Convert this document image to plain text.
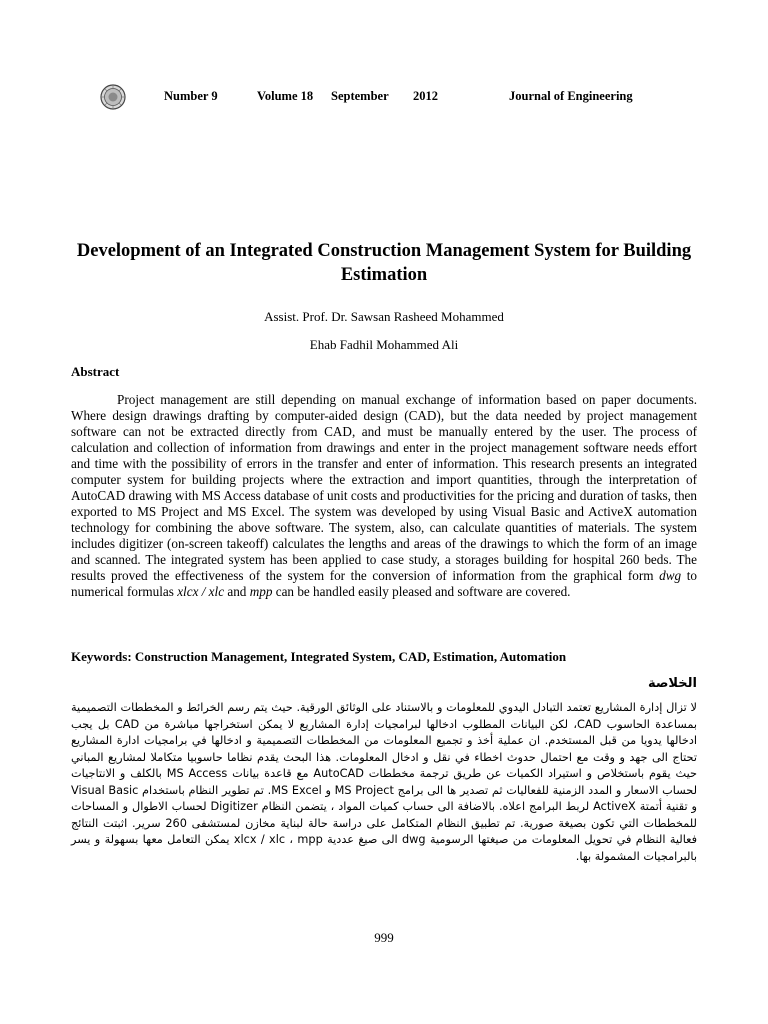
Number 9	Volume 18 September 2012	Journal of Engineering
Development of an Integrated Construction Management System for Building Estimation
Assist. Prof. Dr. Sawsan Rasheed Mohammed
Ehab Fadhil Mohammed Ali
Abstract
Project management are still depending on manual exchange of information based on paper documents. Where design drawings drafting by computer-aided design (CAD), but the data needed by project management software can not be extracted directly from CAD, and must be manually entered by the user. The process of calculation and collection of information from drawings and enter in the project management software needs effort and time with the possibility of errors in the transfer and enter of information. This research presents an integrated computer system for building projects where the extraction and import quantities, through the interpretation of AutoCAD drawing with MS Access database of unit costs and productivities for the pricing and duration of tasks, then exported to MS Project and MS Excel. The system was developed by using Visual Basic and ActiveX automation technology for combining the above software. The system, also, can calculate quantities of materials. The system includes digitizer (on-screen takeoff) calculates the lengths and areas of the drawings to which the form of an image and scanned. The integrated system has been applied to case study, a storages building for hospital 260 beds. The results proved the effectiveness of the system for the conversion of information from the graphical form dwg to numerical formulas xlcx / xlc and mpp can be handled easily pleased and software are covered.
Keywords: Construction Management, Integrated System, CAD, Estimation, Automation
الخلاصة
لا تزال إدارة المشاريع تعتمد التبادل اليدوي للمعلومات و بالاستناد على الوثائق الورقية. حيث يتم رسم الخرائط و المخططات التصميمية بمساعدة الحاسوب CAD، لكن البيانات المطلوب ادخالها لبرامجيات إدارة المشاريع لا يمكن استخراجها مباشرة من CAD بل يجب ادخالها يدويا من قبل المستخدم. ان عملية أخذ و تجميع المعلومات من المخططات التصميمية و ادخالها في برامجيات ادارة المشاريع تحتاج الى جهد و وقت مع احتمال حدوث اخطاء في نقل و ادخال المعلومات. هذا البحث يقدم نظاما حاسوبيا متكاملا لمشاريع المباني حيث يقوم باستخلاص و استيراد الكميات عن طريق ترجمة مخططات AutoCAD مع قاعدة بيانات MS Access بالكلف و الانتاجيات لحساب الاسعار و المدد الزمنية للفعاليات ثم تصدير ها الى برامج MS Project و MS Excel. تم تطوير النظام باستخدام Visual Basic و تقنية أتمتة ActiveX لربط البرامج اعلاه. بالاضافة الى حساب كميات المواد ، يتضمن النظام Digitizer لحساب الاطوال و المساحات للمخططات التي تكون بصيغة صورية. تم تطبيق النظام المتكامل على دراسة حالة لبناية مخازن لمستشفى 260 سرير. اثبتت النتائج فعالية النظام في تحويل المعلومات من صيغتها الرسومية dwg الى صيغ عددية xlcx / xlc ، mpp يمكن التعامل معها بسهولة و يسر بالبرامجيات المشمولة بها.
999
